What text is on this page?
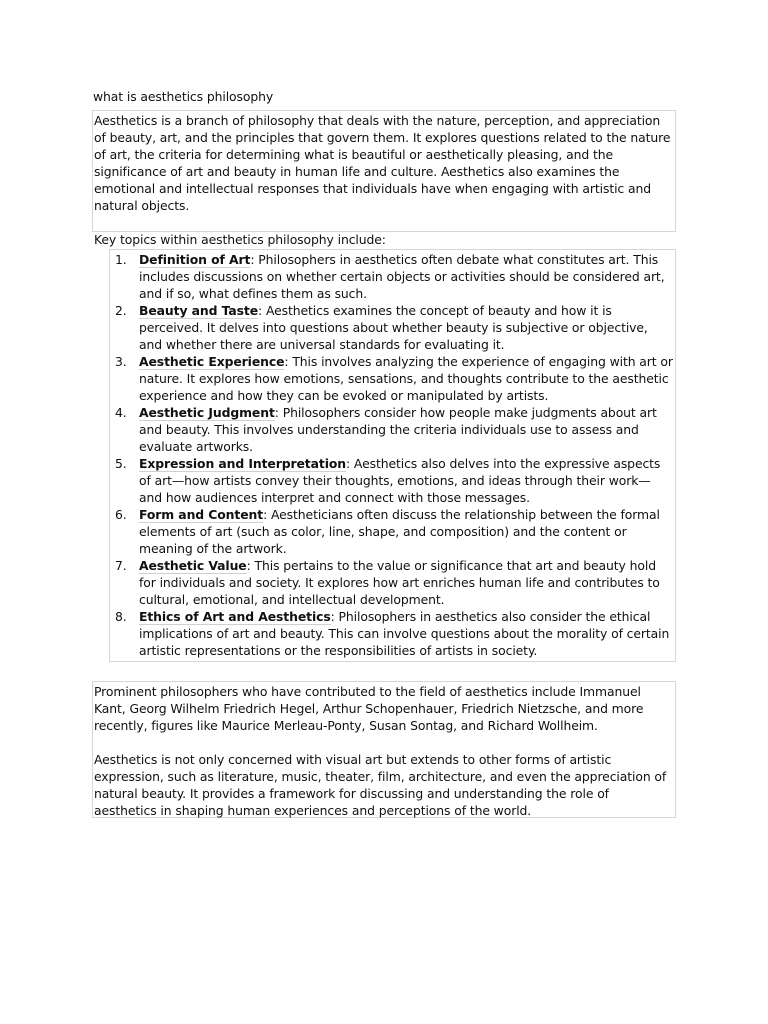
what is aesthetics philosophy

Aesthetics is a branch of philosophy that deals with the nature, perception, and appreciation of beauty, art, and the principles that govern them. It explores questions related to the nature of art, the criteria for determining what is beautiful or aesthetically pleasing, and the significance of art and beauty in human life and culture. Aesthetics also examines the emotional and intellectual responses that individuals have when engaging with artistic and natural objects.

Key topics within aesthetics philosophy include:

1. Definition of Art: Philosophers in aesthetics often debate what constitutes art. This includes discussions on whether certain objects or activities should be considered art, and if so, what defines them as such.
2. Beauty and Taste: Aesthetics examines the concept of beauty and how it is perceived. It delves into questions about whether beauty is subjective or objective, and whether there are universal standards for evaluating it.
3. Aesthetic Experience: This involves analyzing the experience of engaging with art or nature. It explores how emotions, sensations, and thoughts contribute to the aesthetic experience and how they can be evoked or manipulated by artists.
4. Aesthetic Judgment: Philosophers consider how people make judgments about art and beauty. This involves understanding the criteria individuals use to assess and evaluate artworks.
5. Expression and Interpretation: Aesthetics also delves into the expressive aspects of art—how artists convey their thoughts, emotions, and ideas through their work—and how audiences interpret and connect with those messages.
6. Form and Content: Aestheticians often discuss the relationship between the formal elements of art (such as color, line, shape, and composition) and the content or meaning of the artwork.
7. Aesthetic Value: This pertains to the value or significance that art and beauty hold for individuals and society. It explores how art enriches human life and contributes to cultural, emotional, and intellectual development.
8. Ethics of Art and Aesthetics: Philosophers in aesthetics also consider the ethical implications of art and beauty. This can involve questions about the morality of certain artistic representations or the responsibilities of artists in society.

Prominent philosophers who have contributed to the field of aesthetics include Immanuel Kant, Georg Wilhelm Friedrich Hegel, Arthur Schopenhauer, Friedrich Nietzsche, and more recently, figures like Maurice Merleau-Ponty, Susan Sontag, and Richard Wollheim.

Aesthetics is not only concerned with visual art but extends to other forms of artistic expression, such as literature, music, theater, film, architecture, and even the appreciation of natural beauty. It provides a framework for discussing and understanding the role of aesthetics in shaping human experiences and perceptions of the world.
